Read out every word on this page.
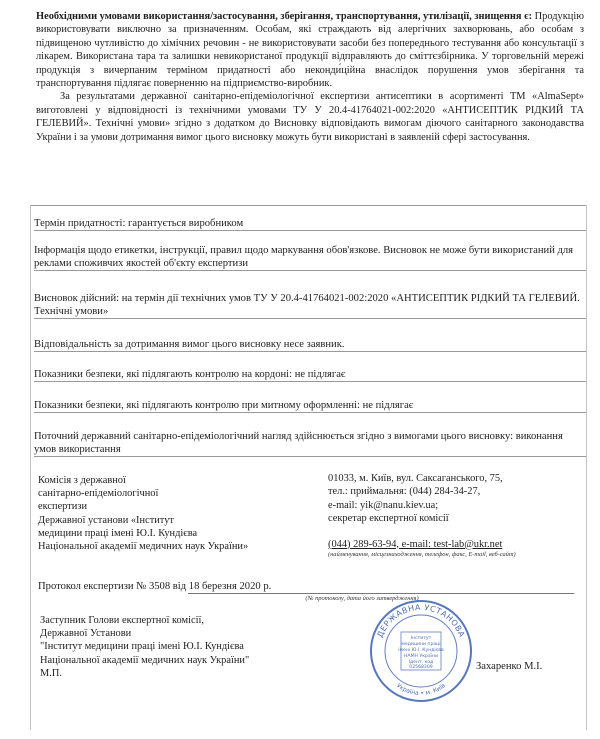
Необхідними умовами використання/застосування, зберігання, транспортування, утилізації, знищення є: Продукцію використовувати виключно за призначенням. Особам, які страждають від алергічних захворювань, або особам з підвищеною чутливістю до хімічних речовин - не використовувати засоби без попереднього тестування або консультації з лікарем. Використана тара та залишки невикористаної продукції відправляють до сміттєзбірника. У торговельній мережі продукція з вичерпаним терміном придатності або неконди́ційна внаслідок порушення умов зберігання та транспортування підлягає поверненню на підприємство-виробник.

За результатами державної санітарно-епідеміологічної експертизи антисептики в асортименті ТМ «AlmaSept» виготовлені у відповідності із технічними умовами ТУ У 20.4-41764021-002:2020 «АНТИСЕПТИК РІДКИЙ ТА ГЕЛЕВИЙ». Технічні умови» згідно з додатком до Висновку відповідають вимогам діючого санітарного законодавства України і за умови дотримання вимог цього висновку можуть бути використані в заявленій сфері застосування.

Термін придатності: гарантується виробником
Інформація щодо етикетки, інструкції, правил щодо маркування обов'язкове. Висновок не може бути використаний для реклами споживчих якостей об'єкту експертизи
Висновок дійсний: на термін дії технічних умов ТУ У 20.4-41764021-002:2020 «АНТИСЕПТИК РІДКИЙ ТА ГЕЛЕВИЙ. Технічні умови»
Відповідальність за дотримання вимог цього висновку несе заявник.
Показники безпеки, які підлягають контролю на кордоні: не підлягає
Показники безпеки, які підлягають контролю при митному оформленні: не підлягає
Поточний державний санітарно-епідеміологічний нагляд здійснюється згідно з вимогами цього висновку: виконання умов використання
Комісія з державної
санітарно-епідеміологічної
експертизи
Державної установи «Інститут
медицини праці імені Ю.І. Кундієва
Національної академії медичних наук України»
01033, м. Київ, вул. Саксаганського, 75,
тел.: приймальня: (044) 284-34-27,
e-mail: yik@nanu.kiev.ua;
секретар експертної комісії
(044) 289-63-94, e-mail: test-lab@ukr.net
(найменування, місцезнаходження, телефон, факс, E-mail, веб-сайт)
Протокол експертизи № 3508 від 18 березня 2020 р.
(№ протоколу, дата його затвердження)
Заступник Голови експертної комісії,
Державної Установи
"Інститут медицини праці імені Ю.І. Кундієва
Національної академії медичних наук України"
М.П.
ДЕРЖАВНА УСТАНОВА
Україна • м. Київ
Інститут
медицини праці
імені Ю.І. Кундієва
НАМН України
Ідент. код
02568309	Захаренко М.І.
